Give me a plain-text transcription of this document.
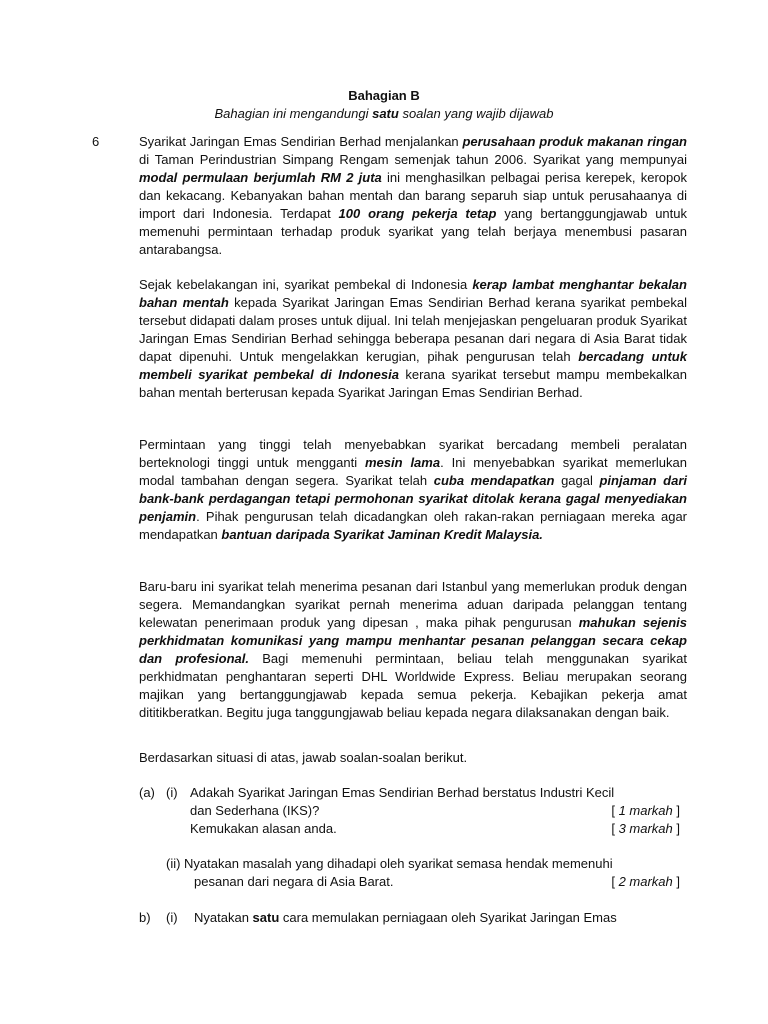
Bahagian B
Bahagian ini mengandungi satu soalan yang wajib dijawab
6	Syarikat Jaringan Emas Sendirian Berhad menjalankan perusahaan produk makanan ringan di Taman Perindustrian Simpang Rengam semenjak tahun 2006. Syarikat yang mempunyai modal permulaan berjumlah RM 2 juta ini menghasilkan pelbagai perisa kerepek, keropok dan kekacang. Kebanyakan bahan mentah dan barang separuh siap untuk perusahaanya di import dari Indonesia. Terdapat 100 orang pekerja tetap yang bertanggungjawab untuk memenuhi permintaan terhadap produk syarikat yang telah berjaya menembusi pasaran antarabangsa.

Sejak kebelakangan ini, syarikat pembekal di Indonesia kerap lambat menghantar bekalan bahan mentah kepada Syarikat Jaringan Emas Sendirian Berhad kerana syarikat pembekal tersebut didapati dalam proses untuk dijual. Ini telah menjejaskan pengeluaran produk Syarikat Jaringan Emas Sendirian Berhad sehingga beberapa pesanan dari negara di Asia Barat tidak dapat dipenuhi. Untuk mengelakkan kerugian, pihak pengurusan telah bercadang untuk membeli syarikat pembekal di Indonesia kerana syarikat tersebut mampu membekalkan bahan mentah berterusan kepada Syarikat Jaringan Emas Sendirian Berhad.

Permintaan yang tinggi telah menyebabkan syarikat bercadang membeli peralatan berteknologi tinggi untuk mengganti mesin lama. Ini menyebabkan syarikat memerlukan modal tambahan dengan segera. Syarikat telah cuba mendapatkan gagal pinjaman dari bank-bank perdagangan tetapi permohonan syarikat ditolak kerana gagal menyediakan penjamin. Pihak pengurusan telah dicadangkan oleh rakan-rakan perniagaan mereka agar mendapatkan bantuan daripada Syarikat Jaminan Kredit Malaysia.

Baru-baru ini syarikat telah menerima pesanan dari Istanbul yang memerlukan produk dengan segera. Memandangkan syarikat pernah menerima aduan daripada pelanggan tentang kelewatan penerimaan produk yang dipesan , maka pihak pengurusan mahukan sejenis perkhidmatan komunikasi yang mampu menhantar pesanan pelanggan secara cekap dan profesional. Bagi memenuhi permintaan, beliau telah menggunakan syarikat perkhidmatan penghantaran seperti DHL Worldwide Express. Beliau merupakan seorang majikan yang bertanggungjawab kepada semua pekerja. Kebajikan pekerja amat dititikberatkan. Begitu juga tanggungjawab beliau kepada negara dilaksanakan dengan baik.

Berdasarkan situasi di atas, jawab soalan-soalan berikut.

(a) (i) Adakah Syarikat Jaringan Emas Sendirian Berhad berstatus Industri Kecil
dan Sederhana (IKS)?	[ 1 markah ]
Kemukakan alasan anda.	[ 3 markah ]
(ii) Nyatakan masalah yang dihadapi oleh syarikat semasa hendak memenuhi
pesanan dari negara di Asia Barat.	[ 2 markah ]
b) (i) Nyatakan satu cara memulakan perniagaan oleh Syarikat Jaringan Emas
